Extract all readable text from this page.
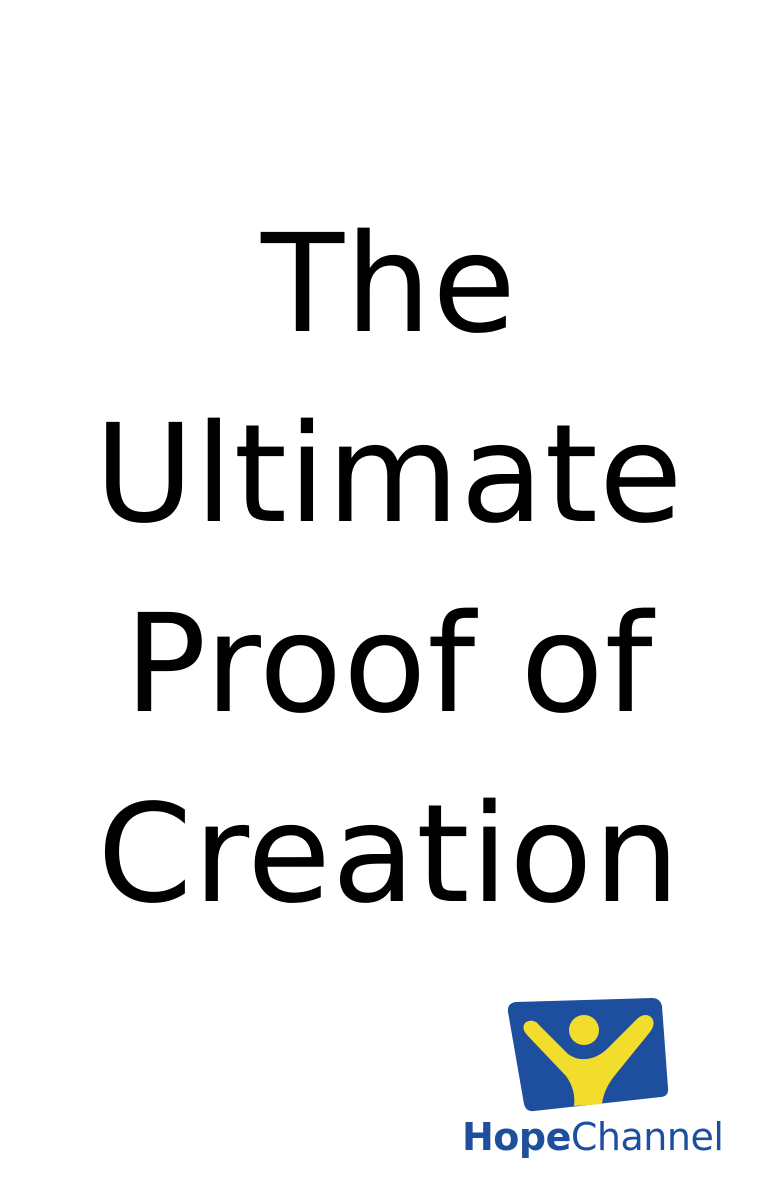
The
Ultimate
Proof of
Creation
HopeChannel
